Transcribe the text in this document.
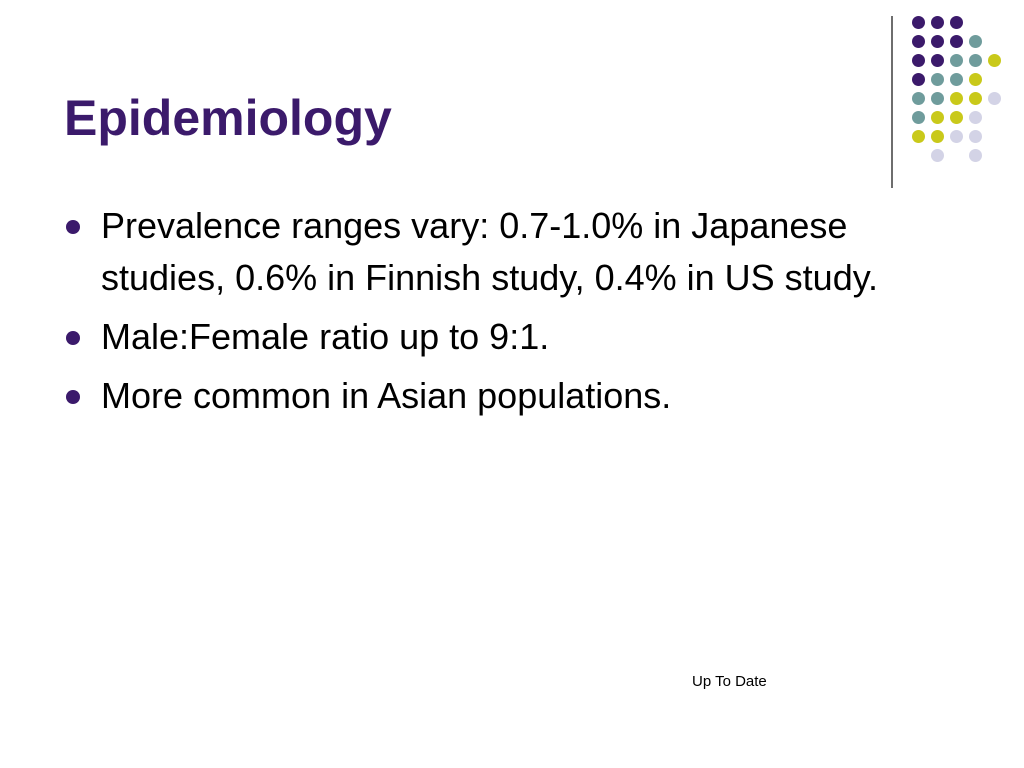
Epidemiology
Prevalence ranges vary: 0.7-1.0% in Japanese studies, 0.6% in Finnish study, 0.4% in US study.
Male:Female ratio up to 9:1.
More common in Asian populations.
Up To Date
